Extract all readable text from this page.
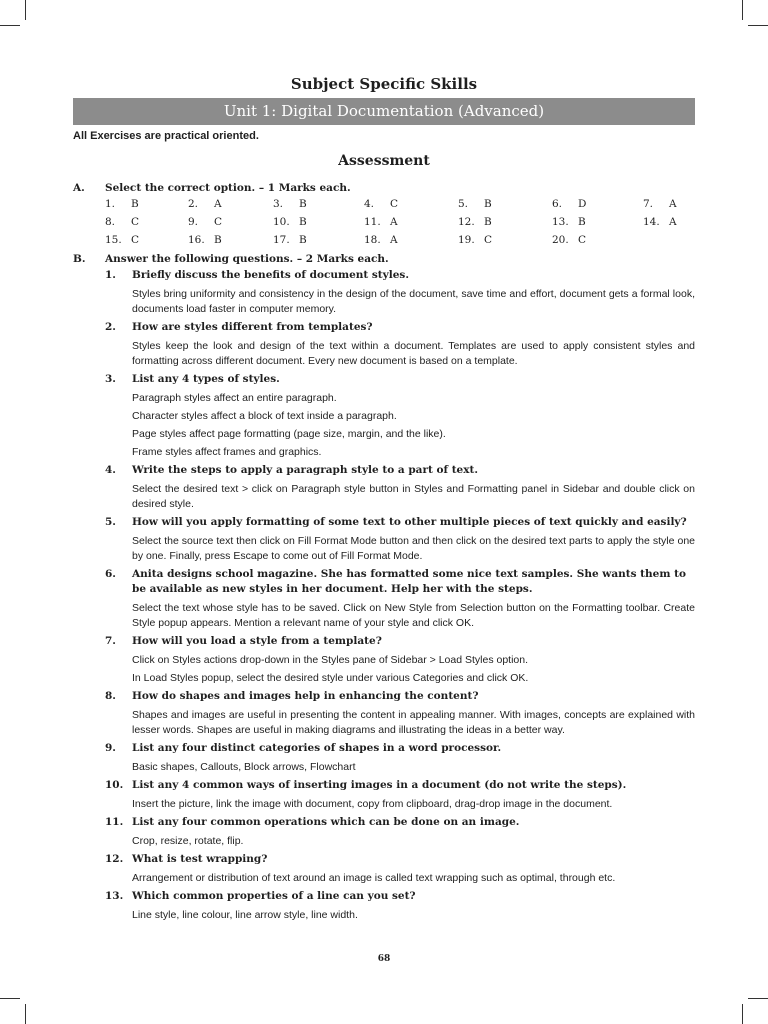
Subject Specific Skills
Unit 1: Digital Documentation (Advanced)
All Exercises are practical oriented.
Assessment
A. Select the correct option. – 1 Marks each.
1. B	2. A	3. B	4. C	5. B	6. D	7. A
8. C	9. C	10. B	11. A	12. B	13. B	14. A
15. C	16. B	17. B	18. A	19. C	20. C
B. Answer the following questions. – 2 Marks each.
1.	Briefly discuss the benefits of document styles.

Styles bring uniformity and consistency in the design of the document, save time and effort, document gets a formal look, documents load faster in computer memory.

2.	How are styles different from templates?

Styles keep the look and design of the text within a document. Templates are used to apply consistent styles and formatting across different document. Every new document is based on a template.

3.	List any 4 types of styles.

Paragraph styles affect an entire paragraph.

Character styles affect a block of text inside a paragraph.

Page styles affect page formatting (page size, margin, and the like).

Frame styles affect frames and graphics.

4.	Write the steps to apply a paragraph style to a part of text.

Select the desired text > click on Paragraph style button in Styles and Formatting panel in Sidebar and double click on desired style.

5.	How will you apply formatting of some text to other multiple pieces of text quickly and easily?

Select the source text then click on Fill Format Mode button and then click on the desired text parts to apply the style one by one. Finally, press Escape to come out of Fill Format Mode.

6.	Anita designs school magazine. She has formatted some nice text samples. She wants them to be available as new styles in her document. Help her with the steps.

Select the text whose style has to be saved. Click on New Style from Selection button on the Formatting toolbar. Create Style popup appears. Mention a relevant name of your style and click OK.

7.	How will you load a style from a template?

Click on Styles actions drop-down in the Styles pane of Sidebar > Load Styles option.

In Load Styles popup, select the desired style under various Categories and click OK.

8.	How do shapes and images help in enhancing the content?

Shapes and images are useful in presenting the content in appealing manner. With images, concepts are explained with lesser words. Shapes are useful in making diagrams and illustrating the ideas in a better way.

9.	List any four distinct categories of shapes in a word processor.

Basic shapes, Callouts, Block arrows, Flowchart

10. List any 4 common ways of inserting images in a document (do not write the steps).

Insert the picture, link the image with document, copy from clipboard, drag-drop image in the document.

11. List any four common operations which can be done on an image.

Crop, resize, rotate, flip.

12. What is test wrapping?

Arrangement or distribution of text around an image is called text wrapping such as optimal, through etc.

13. Which common properties of a line can you set?

Line style, line colour, line arrow style, line width.

68
